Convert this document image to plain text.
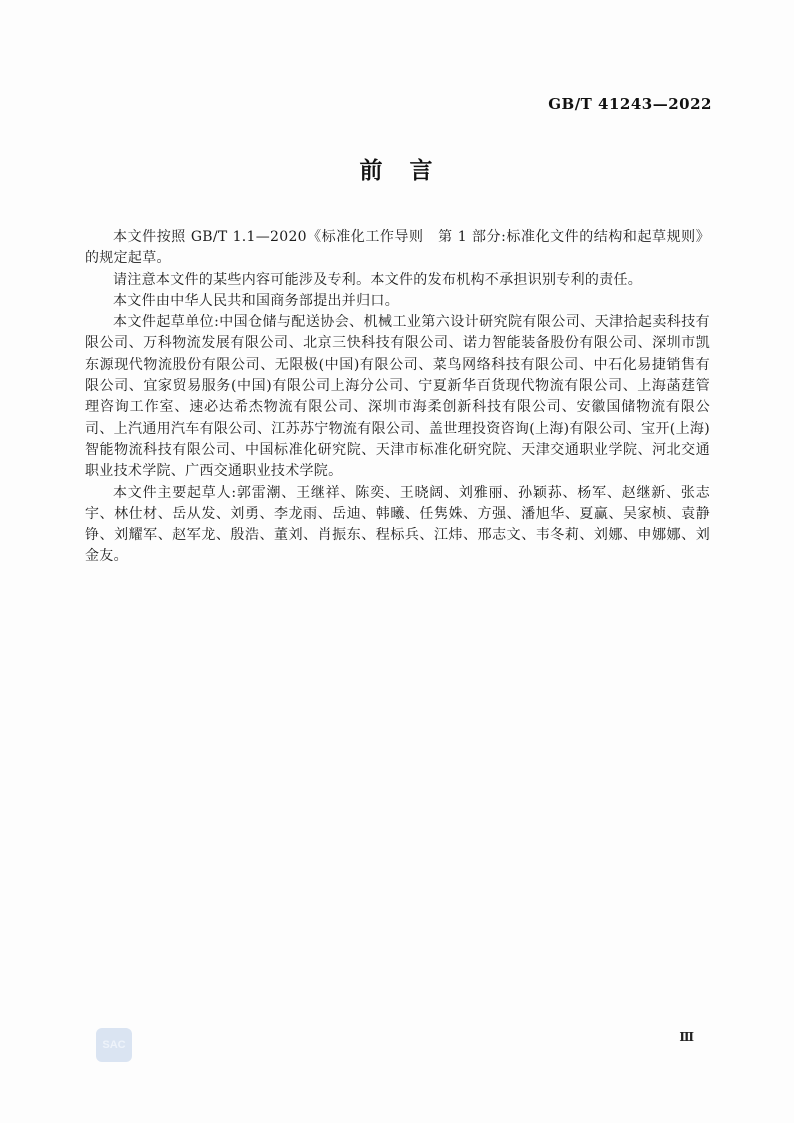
GB/T 41243—2022
前　言

本文件按照 GB/T 1.1—2020《标准化工作导则　第 1 部分:标准化文件的结构和起草规则》的规定起草。

请注意本文件的某些内容可能涉及专利。本文件的发布机构不承担识别专利的责任。

本文件由中华人民共和国商务部提出并归口。

本文件起草单位:中国仓储与配送协会、机械工业第六设计研究院有限公司、天津拾起卖科技有限公司、万科物流发展有限公司、北京三快科技有限公司、诺力智能装备股份有限公司、深圳市凯东源现代物流股份有限公司、无限极(中国)有限公司、菜鸟网络科技有限公司、中石化易捷销售有限公司、宜家贸易服务(中国)有限公司上海分公司、宁夏新华百货现代物流有限公司、上海菡莛管理咨询工作室、速必达希杰物流有限公司、深圳市海柔创新科技有限公司、安徽国储物流有限公司、上汽通用汽车有限公司、江苏苏宁物流有限公司、盖世理投资咨询(上海)有限公司、宝开(上海)智能物流科技有限公司、中国标准化研究院、天津市标准化研究院、天津交通职业学院、河北交通职业技术学院、广西交通职业技术学院。

本文件主要起草人:郭雷潮、王继祥、陈奕、王晓阔、刘雅丽、孙颖荪、杨军、赵继新、张志宇、林仕材、岳从发、刘勇、李龙雨、岳迪、韩曦、任隽姝、方强、潘旭华、夏赢、吴家桢、袁静铮、刘耀军、赵军龙、殷浩、董刘、肖振东、程标兵、江炜、邢志文、韦冬莉、刘娜、申娜娜、刘金友。

SAC
Ⅲ
